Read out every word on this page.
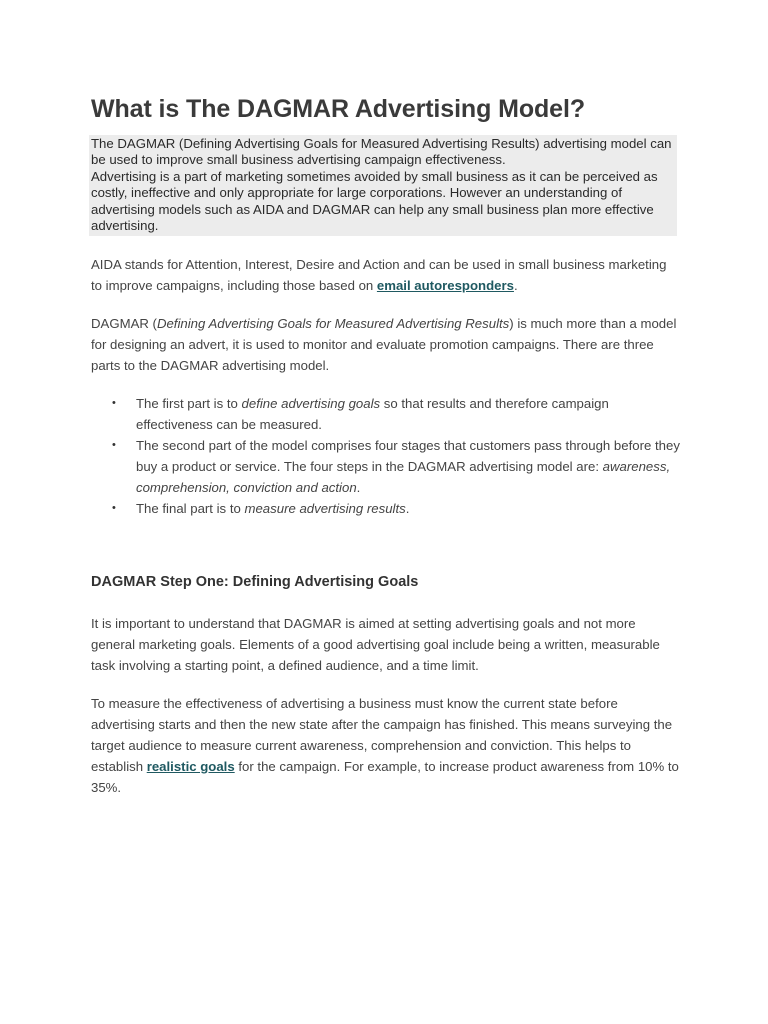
What is The DAGMAR Advertising Model?
The DAGMAR (Defining Advertising Goals for Measured Advertising Results) advertising model can be used to improve small business advertising campaign effectiveness.
Advertising is a part of marketing sometimes avoided by small business as it can be perceived as costly, ineffective and only appropriate for large corporations. However an understanding of advertising models such as AIDA and DAGMAR can help any small business plan more effective advertising.

AIDA stands for Attention, Interest, Desire and Action and can be used in small business marketing to improve campaigns, including those based on email autoresponders.

DAGMAR (Defining Advertising Goals for Measured Advertising Results) is much more than a model for designing an advert, it is used to monitor and evaluate promotion campaigns. There are three parts to the DAGMAR advertising model.

• The first part is to define advertising goals so that results and therefore campaign effectiveness can be measured.
• The second part of the model comprises four stages that customers pass through before they buy a product or service. The four steps in the DAGMAR advertising model are: awareness, comprehension, conviction and action.
• The final part is to measure advertising results.
DAGMAR Step One: Defining Advertising Goals

It is important to understand that DAGMAR is aimed at setting advertising goals and not more general marketing goals. Elements of a good advertising goal include being a written, measurable task involving a starting point, a defined audience, and a time limit.

To measure the effectiveness of advertising a business must know the current state before advertising starts and then the new state after the campaign has finished. This means surveying the target audience to measure current awareness, comprehension and conviction. This helps to establish realistic goals for the campaign. For example, to increase product awareness from 10% to 35%.
